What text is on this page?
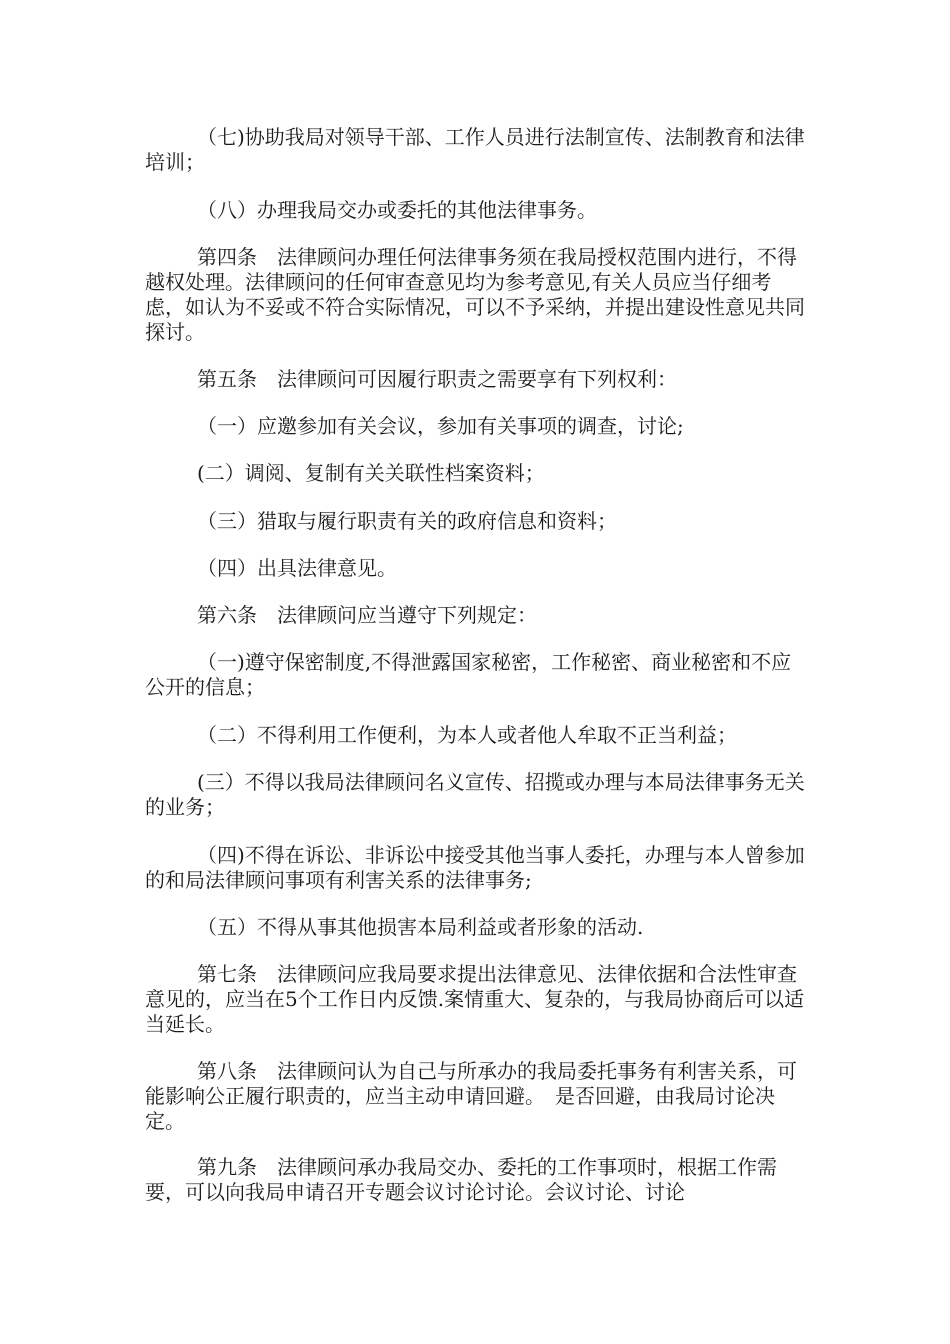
（七)协助我局对领导干部、工作人员进行法制宣传、法制教育和法律培训；

（八）办理我局交办或委托的其他法律事务。

第四条　法律顾问办理任何法律事务须在我局授权范围内进行，不得越权处理。法律顾问的任何审查意见均为参考意见,有关人员应当仔细考虑，如认为不妥或不符合实际情况，可以不予采纳，并提出建设性意见共同探讨。

第五条　法律顾问可因履行职责之需要享有下列权利：

（一）应邀参加有关会议，参加有关事项的调查，讨论;

(二）调阅、复制有关关联性档案资料；

（三）猎取与履行职责有关的政府信息和资料；

（四）出具法律意见。

第六条　法律顾问应当遵守下列规定：

（一)遵守保密制度,不得泄露国家秘密，工作秘密、商业秘密和不应公开的信息；

（二）不得利用工作便利，为本人或者他人牟取不正当利益；

(三）不得以我局法律顾问名义宣传、招揽或办理与本局法律事务无关的业务；

（四)不得在诉讼、非诉讼中接受其他当事人委托，办理与本人曾参加的和局法律顾问事项有利害关系的法律事务;

（五）不得从事其他损害本局利益或者形象的活动.

第七条　法律顾问应我局要求提出法律意见、法律依据和合法性审查意见的，应当在5个工作日内反馈.案情重大、复杂的，与我局协商后可以适当延长。

第八条　法律顾问认为自己与所承办的我局委托事务有利害关系，可能影响公正履行职责的，应当主动申请回避。　是否回避，由我局讨论决定。

第九条　法律顾问承办我局交办、委托的工作事项时，根据工作需要，可以向我局申请召开专题会议讨论讨论。会议讨论、讨论
